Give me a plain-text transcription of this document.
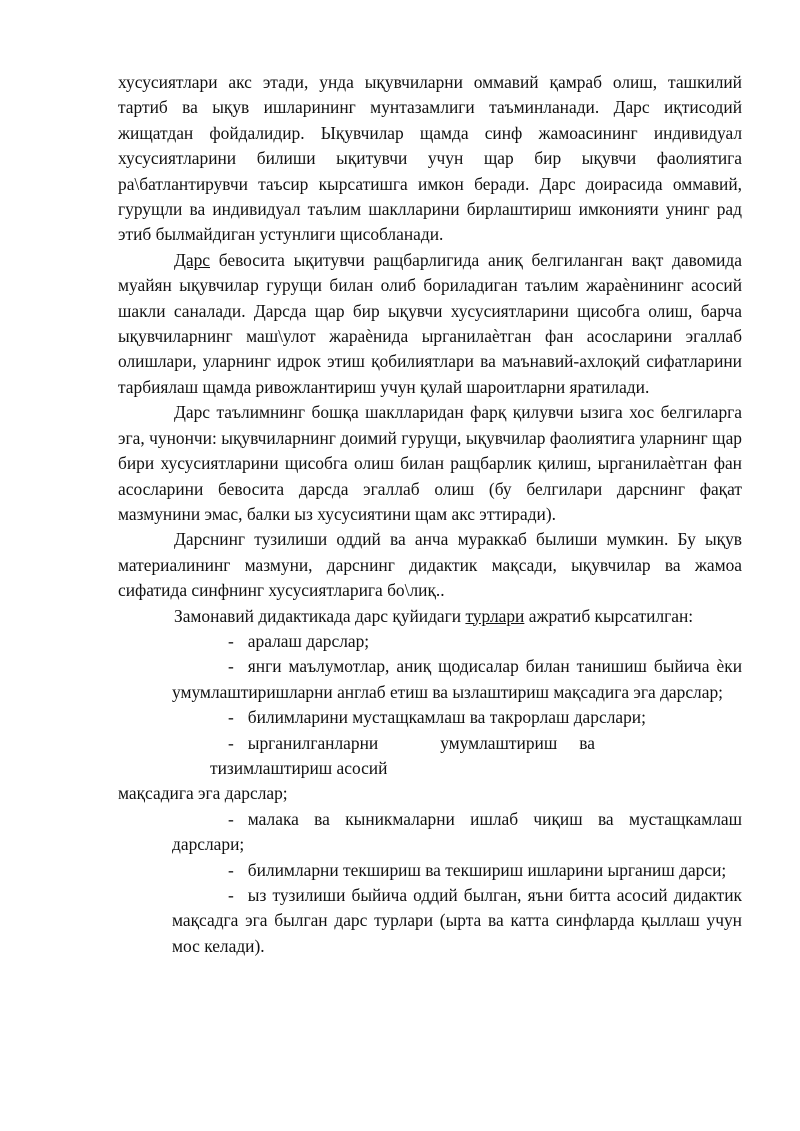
хусусиятлари акс этади, унда ықувчиларни оммавий қамраб олиш, ташкилий тартиб ва ықув ишларининг мунтазамлиги таъминланади. Дарс иқтисодий жищатдан фойдалидир. Ықувчилар щамда синф жамоасининг индивидуал хусусиятларини билиши ықитувчи учун щар бир ықувчи фаолиятига ра\батлантирувчи таъсир кырсатишга имкон беради. Дарс доирасида оммавий, гурущли ва индивидуал таълим шаклларини бирлаштириш имконияти унинг рад этиб былмайдиган устунлиги щисобланади.

Дарс бевосита ықитувчи ращбарлигида аниқ белгиланган вақт давомида муайян ықувчилар гурущи билан олиб бориладиган таълим жараѐнининг асосий шакли саналади. Дарсда щар бир ықувчи хусусиятларини щисобга олиш, барча ықувчиларнинг маш\улот жараѐнида ырганилаѐтган фан асосларини эгаллаб олишлари, уларнинг идрок этиш қобилиятлари ва маънавий-ахлоқий сифатларини тарбиялаш щамда ривожлантириш учун қулай шароитларни яратилади.

Дарс таълимнинг бошқа шаклларидан фарқ қилувчи ызига хос белгиларга эга, чунончи: ықувчиларнинг доимий гурущи, ықувчилар фаолиятига уларнинг щар бири хусусиятларини щисобга олиш билан ращбарлик қилиш, ырганилаѐтган фан асосларини бевосита дарсда эгаллаб олиш (бу белгилари дарснинг фақат мазмунини эмас, балки ыз хусусиятини щам акс эттиради).

Дарснинг тузилиши оддий ва анча мураккаб былиши мумкин. Бу ықув материалининг мазмуни, дарснинг дидактик мақсади, ықувчилар ва жамоа сифатида синфнинг хусусиятларига бо\лиқ..

Замонавий дидактикада дарс қуйидаги турлари ажратиб кырсатилган:

- аралаш дарслар;

- янги маълумотлар, аниқ щодисалар билан танишиш быйича ѐки умумлаштиришларни англаб етиш ва ызлаштириш мақсадига эга дарслар;

- билимларини мустащкамлаш ва такрорлаш дарслари;

- ырганилганларни	умумлаштириш ва

тизимлаштириш асосий

мақсадига эга дарслар;

- малака ва кыникмаларни ишлаб чиқиш ва мустащкамлаш дарслари;

- билимларни текшириш ва текшириш ишларини ырганиш дарси;

- ыз тузилиши быйича оддий былган, яъни битта асосий дидактик мақсадга эга былган дарс турлари (ырта ва катта синфларда қыллаш учун мос келади).
